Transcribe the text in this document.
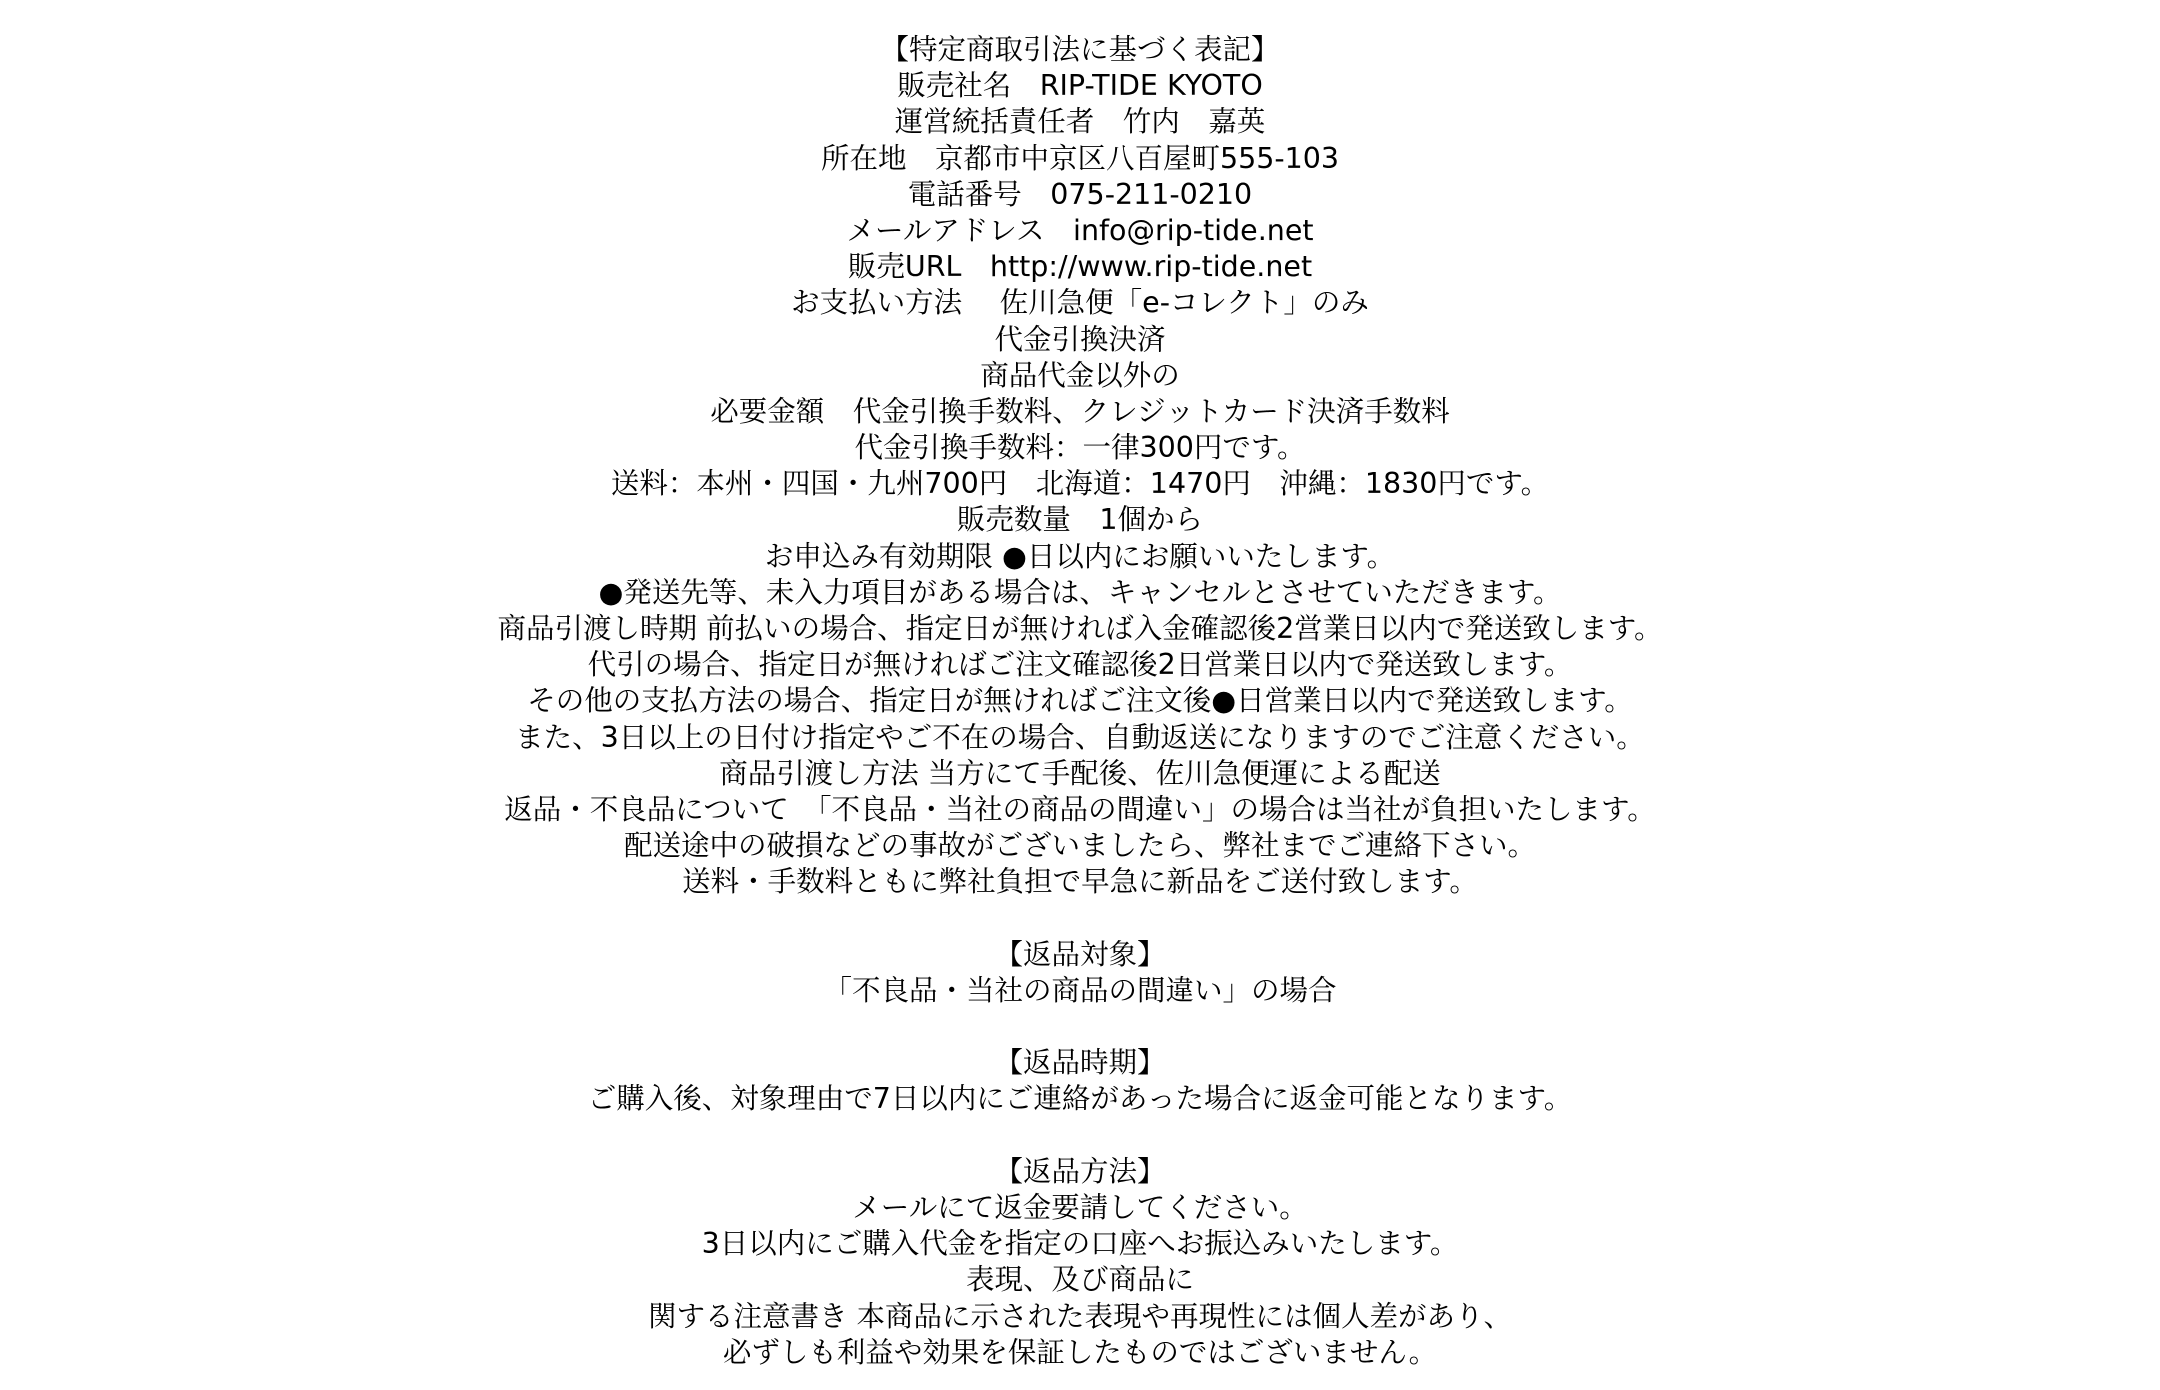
【特定商取引法に基づく表記】
販売社名　RIP-TIDE KYOTO
運営統括責任者　竹内　嘉英
所在地　京都市中京区八百屋町555-103
電話番号　075-211-0210
メールアドレス　info@rip-tide.net
販売URL　http://www.rip-tide.net
お支払い方法　 佐川急便「e-コレクト」のみ
代金引換決済
商品代金以外の
必要金額　代金引換手数料、クレジットカード決済手数料
代金引換手数料：一律300円です。
送料：本州・四国・九州700円　北海道：1470円　沖縄：1830円です。
販売数量　1個から
お申込み有効期限 ●日以内にお願いいたします。
●発送先等、未入力項目がある場合は、キャンセルとさせていただきます。
商品引渡し時期 前払いの場合、指定日が無ければ入金確認後2営業日以内で発送致します。
代引の場合、指定日が無ければご注文確認後2日営業日以内で発送致します。
その他の支払方法の場合、指定日が無ければご注文後●日営業日以内で発送致します。
また、3日以上の日付け指定やご不在の場合、自動返送になりますのでご注意ください。
商品引渡し方法 当方にて手配後、佐川急便運による配送
返品・不良品について　「不良品・当社の商品の間違い」の場合は当社が負担いたします。
配送途中の破損などの事故がございましたら、弊社までご連絡下さい。
送料・手数料ともに弊社負担で早急に新品をご送付致します。
【返品対象】
「不良品・当社の商品の間違い」の場合
【返品時期】
ご購入後、対象理由で7日以内にご連絡があった場合に返金可能となります。
【返品方法】
メールにて返金要請してください。
3日以内にご購入代金を指定の口座へお振込みいたします。
表現、及び商品に
関する注意書き 本商品に示された表現や再現性には個人差があり、
必ずしも利益や効果を保証したものではございません。
